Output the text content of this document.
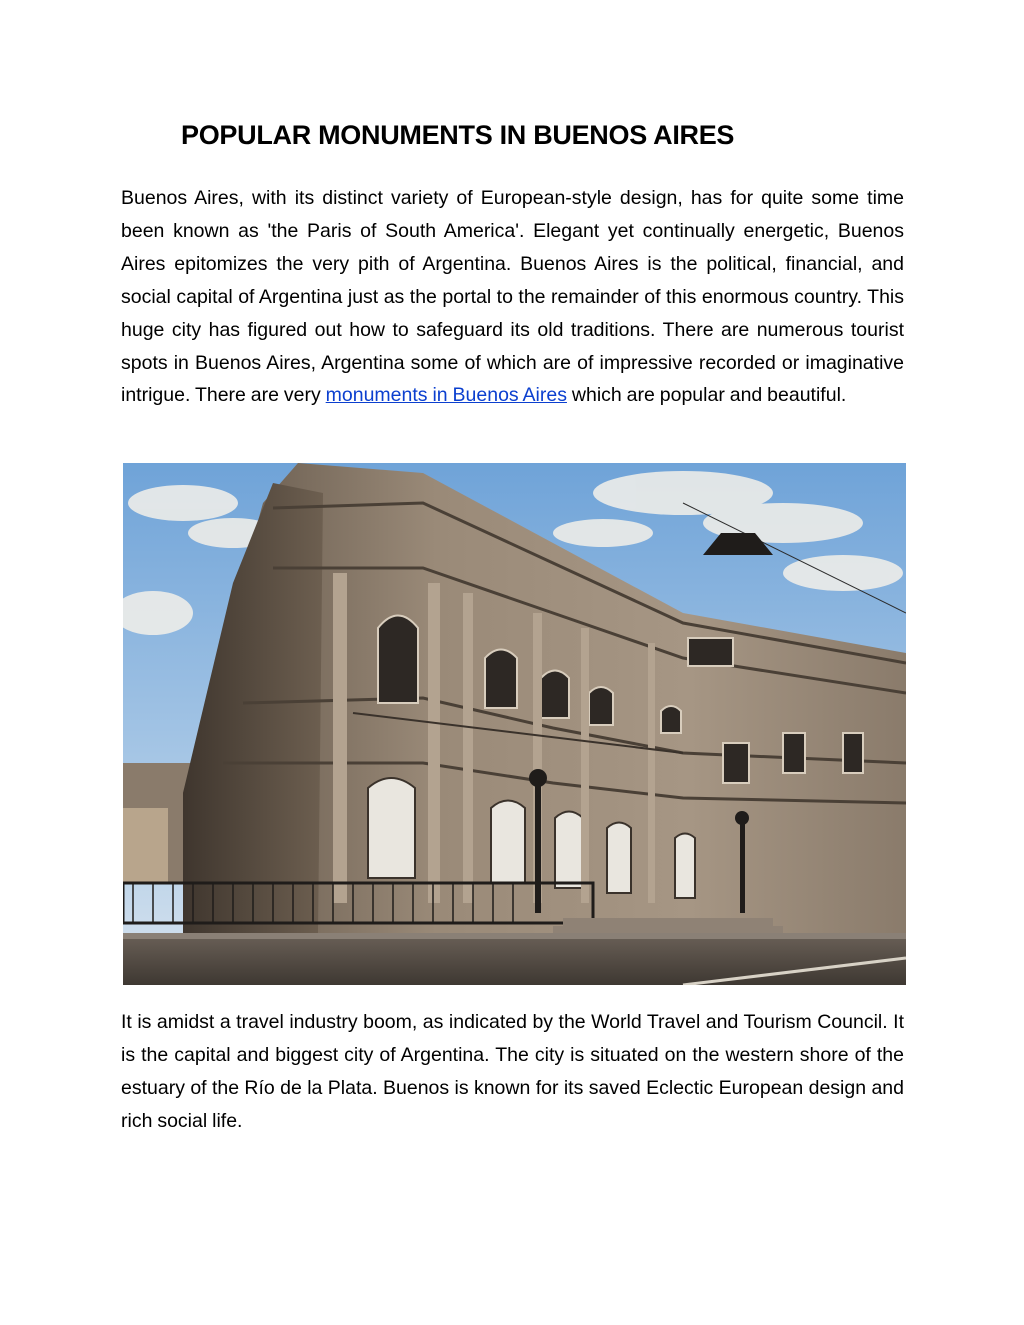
POPULAR MONUMENTS IN BUENOS AIRES

Buenos Aires, with its distinct variety of European-style design, has for quite some time been known as 'the Paris of South America'. Elegant yet continually energetic, Buenos Aires epitomizes the very pith of Argentina. Buenos Aires is the political, financial, and social capital of Argentina just as the portal to the remainder of this enormous country. This huge city has figured out how to safeguard its old traditions. There are numerous tourist spots in Buenos Aires, Argentina some of which are of impressive recorded or imaginative intrigue. There are very monuments in Buenos Aires which are popular and beautiful.

It is amidst a travel industry boom, as indicated by the World Travel and Tourism Council. It is the capital and biggest city of Argentina. The city is situated on the western shore of the estuary of the Río de la Plata. Buenos is known for its saved Eclectic European design and rich social life.
